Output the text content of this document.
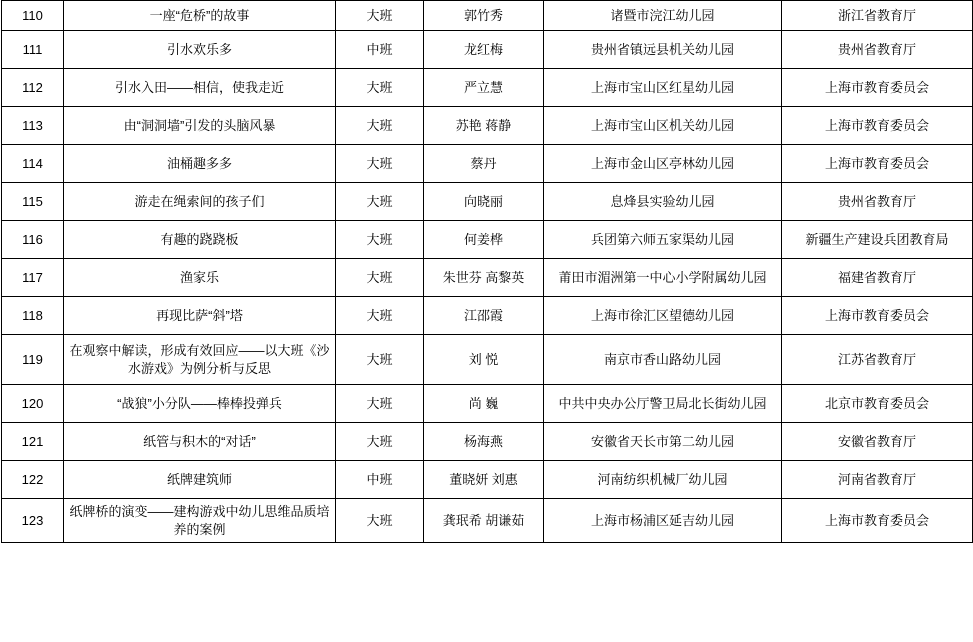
110	一座“危桥”的故事	大班	郭竹秀	诸暨市浣江幼儿园	浙江省教育厅
111	引水欢乐多	中班	龙红梅	贵州省镇远县机关幼儿园	贵州省教育厅
112	引水入田——相信，使我走近	大班	严立慧	上海市宝山区红星幼儿园	上海市教育委员会
113	由“洞洞墙”引发的头脑风暴	大班	苏艳 蒋静	上海市宝山区机关幼儿园	上海市教育委员会
114	油桶趣多多	大班	蔡丹	上海市金山区亭林幼儿园	上海市教育委员会
115	游走在绳索间的孩子们	大班	向晓丽	息烽县实验幼儿园	贵州省教育厅
116	有趣的跷跷板	大班	何姜桦	兵团第六师五家渠幼儿园	新疆生产建设兵团教育局
117	渔家乐	大班	朱世芬 高黎英	莆田市湄洲第一中心小学附属幼儿园	福建省教育厅
118	再现比萨“斜”塔	大班	江邵霞	上海市徐汇区望德幼儿园	上海市教育委员会
119	在观察中解读，形成有效回应——以大班《沙水游戏》为例分析与反思	大班	刘 悦	南京市香山路幼儿园	江苏省教育厅
120	“战狼”小分队——棒棒投弹兵	大班	尚 巍	中共中央办公厅警卫局北长街幼儿园	北京市教育委员会
121	纸管与积木的“对话”	大班	杨海燕	安徽省天长市第二幼儿园	安徽省教育厅
122	纸牌建筑师	中班	董晓妍 刘惠	河南纺织机械厂幼儿园	河南省教育厅
123	纸牌桥的演变——建构游戏中幼儿思维品质培养的案例	大班	龚珉希 胡谦茹	上海市杨浦区延吉幼儿园	上海市教育委员会
